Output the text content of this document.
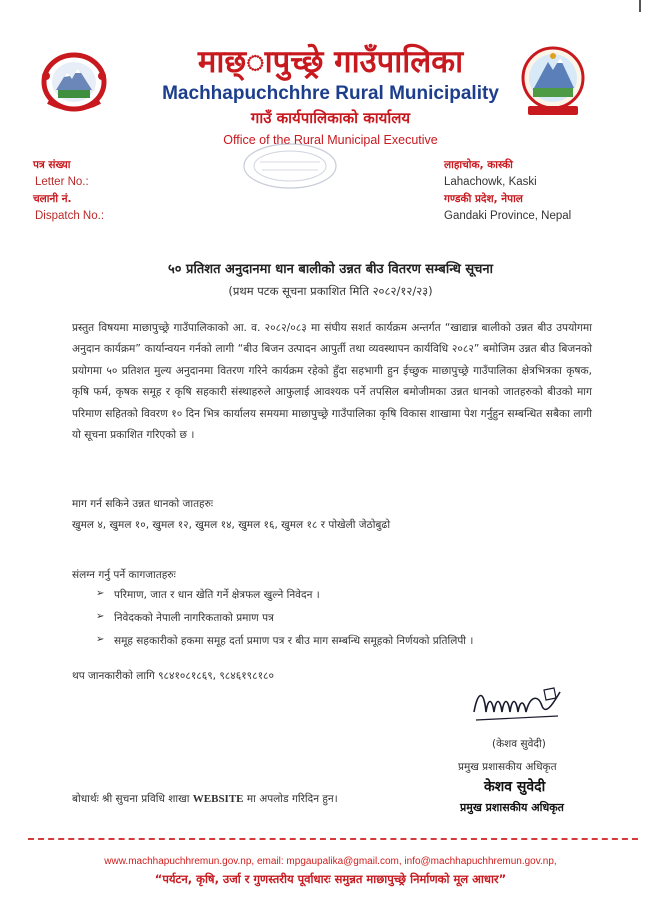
माछ्ापुच्छ्रे गाउँपालिका
Machhapuchchhre Rural Municipality
गाउँ कार्यपालिकाको कार्यालय
Office of the Rural Municipal Executive
पत्र संख्या
Letter No.:
चलानी नं.
Dispatch No.:
लाहाचोक, कास्की
Lahachowk, Kaski
गण्डकी प्रदेश, नेपाल
Gandaki Province, Nepal
५० प्रतिशत अनुदानमा धान बालीको उन्नत बीउ वितरण सम्बन्धि सूचना
(प्रथम पटक सूचना प्रकाशित मिति २०८२/१२/२३)
प्रस्तुत विषयमा माछापुच्छ्रे गाउँपालिकाको आ. व. २०८२/०८३ मा संघीय सशर्त कार्यक्रम अन्तर्गत “खाद्यान्न बालीको उन्नत बीउ उपयोगमा अनुदान कार्यक्रम” कार्यान्वयन गर्नको लागी “बीउ बिजन उत्पादन आपुर्ती तथा व्यवस्थापन कार्यविधि २०८२” बमोजिम उन्नत बीउ बिजनको प्रयोगमा ५० प्रतिशत मुल्य अनुदानमा वितरण गरिने कार्यक्रम रहेको हुँदा सहभागी हुन ईच्छुक माछापुच्छ्रे गाउँपालिका क्षेत्रभित्रका कृषक, कृषि फर्म, कृषक समूह र कृषि सहकारी संस्थाहरुले आफुलाई आवश्यक पर्ने तपसिल बमोजीमका उन्नत धानको जातहरुको बीउको माग परिमाण सहितको विवरण १० दिन भित्र कार्यालय समयमा माछापुच्छ्रे गाउँपालिका कृषि विकास शाखामा पेश गर्नुहुन सम्बन्धित सबैका लागी यो सूचना प्रकाशित गरिएको छ ।
माग गर्न सकिने उन्नत धानको जातहरुः
खुमल ४, खुमल १०, खुमल १२, खुमल १४, खुमल १६, खुमल १८ र पोखेली जेठोबुढो
संलग्न गर्नु पर्ने कागजातहरुः
➢ परिमाण, जात र धान खेति गर्ने क्षेत्रफल खुल्ने निवेदन ।
➢ निवेदकको नेपाली नागरिकताको प्रमाण पत्र
➢ समूह सहकारीको हकमा समूह दर्ता प्रमाण पत्र र बीउ माग सम्बन्धि समूहको निर्णयको प्रतिलिपी ।
थप जानकारीको लागि ९८४१०८१८६९, ९८४६१९८१८०
(केशव सुवेदी)
प्रमुख प्रशासकीय अधिकृत
केशव सुवेदी
प्रमुख प्रशासकीय अधिकृत
बोधार्थः श्री सुचना प्रविधि शाखा WEBSITE मा अपलोड गरिदिन हुन।
www.machhapuchhremun.gov.np, email: mpgaupalika@gmail.com, info@machhapuchhremun.gov.np,
“पर्यटन, कृषि, उर्जा र गुणस्तरीय पूर्वाधारः समुन्नत माछापुच्छ्रे निर्माणको मूल आधार”
